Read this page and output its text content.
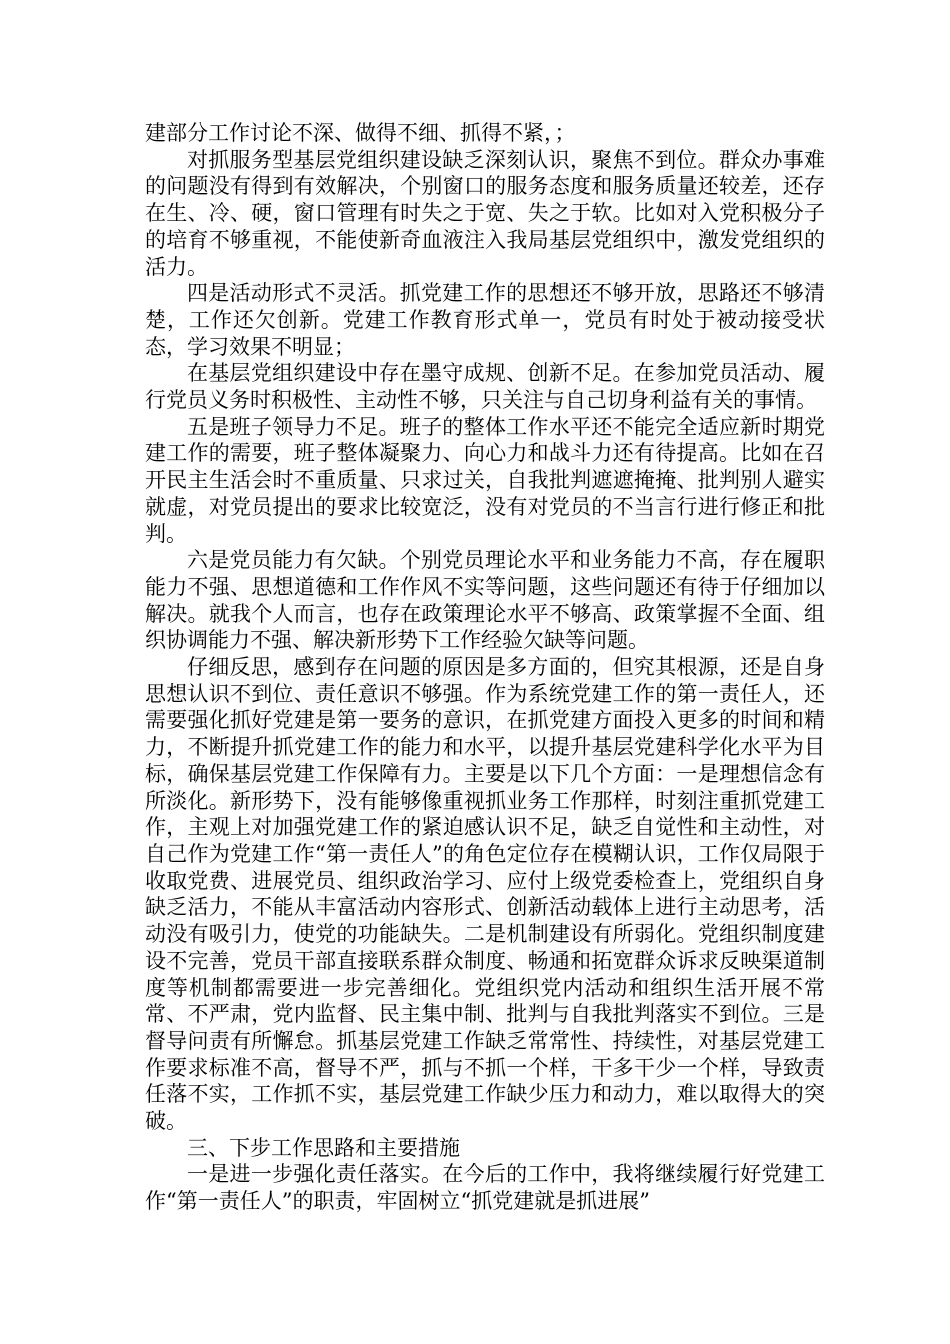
建部分工作讨论不深、做得不细、抓得不紧，；

对抓服务型基层党组织建设缺乏深刻认识，聚焦不到位。群众办事难的问题没有得到有效解决，个别窗口的服务态度和服务质量还较差，还存在生、冷、硬，窗口管理有时失之于宽、失之于软。比如对入党积极分子的培育不够重视，不能使新奇血液注入我局基层党组织中，激发党组织的活力。

四是活动形式不灵活。抓党建工作的思想还不够开放，思路还不够清楚，工作还欠创新。党建工作教育形式单一，党员有时处于被动接受状态，学习效果不明显；

在基层党组织建设中存在墨守成规、创新不足。在参加党员活动、履行党员义务时积极性、主动性不够，只关注与自己切身利益有关的事情。

五是班子领导力不足。班子的整体工作水平还不能完全适应新时期党建工作的需要，班子整体凝聚力、向心力和战斗力还有待提高。比如在召开民主生活会时不重质量、只求过关，自我批判遮遮掩掩、批判别人避实就虚，对党员提出的要求比较宽泛，没有对党员的不当言行进行修正和批判。

六是党员能力有欠缺。个别党员理论水平和业务能力不高，存在履职能力不强、思想道德和工作作风不实等问题，这些问题还有待于仔细加以解决。就我个人而言，也存在政策理论水平不够高、政策掌握不全面、组织协调能力不强、解决新形势下工作经验欠缺等问题。

仔细反思，感到存在问题的原因是多方面的，但究其根源，还是自身思想认识不到位、责任意识不够强。作为系统党建工作的第一责任人，还需要强化抓好党建是第一要务的意识，在抓党建方面投入更多的时间和精力，不断提升抓党建工作的能力和水平，以提升基层党建科学化水平为目标，确保基层党建工作保障有力。主要是以下几个方面：一是理想信念有所淡化。新形势下，没有能够像重视抓业务工作那样，时刻注重抓党建工作，主观上对加强党建工作的紧迫感认识不足，缺乏自觉性和主动性，对自己作为党建工作“第一责任人”的角色定位存在模糊认识，工作仅局限于收取党费、进展党员、组织政治学习、应付上级党委检查上，党组织自身缺乏活力，不能从丰富活动内容形式、创新活动载体上进行主动思考，活动没有吸引力，使党的功能缺失。二是机制建设有所弱化。党组织制度建设不完善，党员干部直接联系群众制度、畅通和拓宽群众诉求反映渠道制度等机制都需要进一步完善细化。党组织党内活动和组织生活开展不常常、不严肃，党内监督、民主集中制、批判与自我批判落实不到位。三是督导问责有所懈怠。抓基层党建工作缺乏常常性、持续性，对基层党建工作要求标准不高，督导不严，抓与不抓一个样，干多干少一个样，导致责任落不实，工作抓不实，基层党建工作缺少压力和动力，难以取得大的突破。

三、下步工作思路和主要措施

一是进一步强化责任落实。在今后的工作中，我将继续履行好党建工作“第一责任人”的职责，牢固树立“抓党建就是抓进展”
